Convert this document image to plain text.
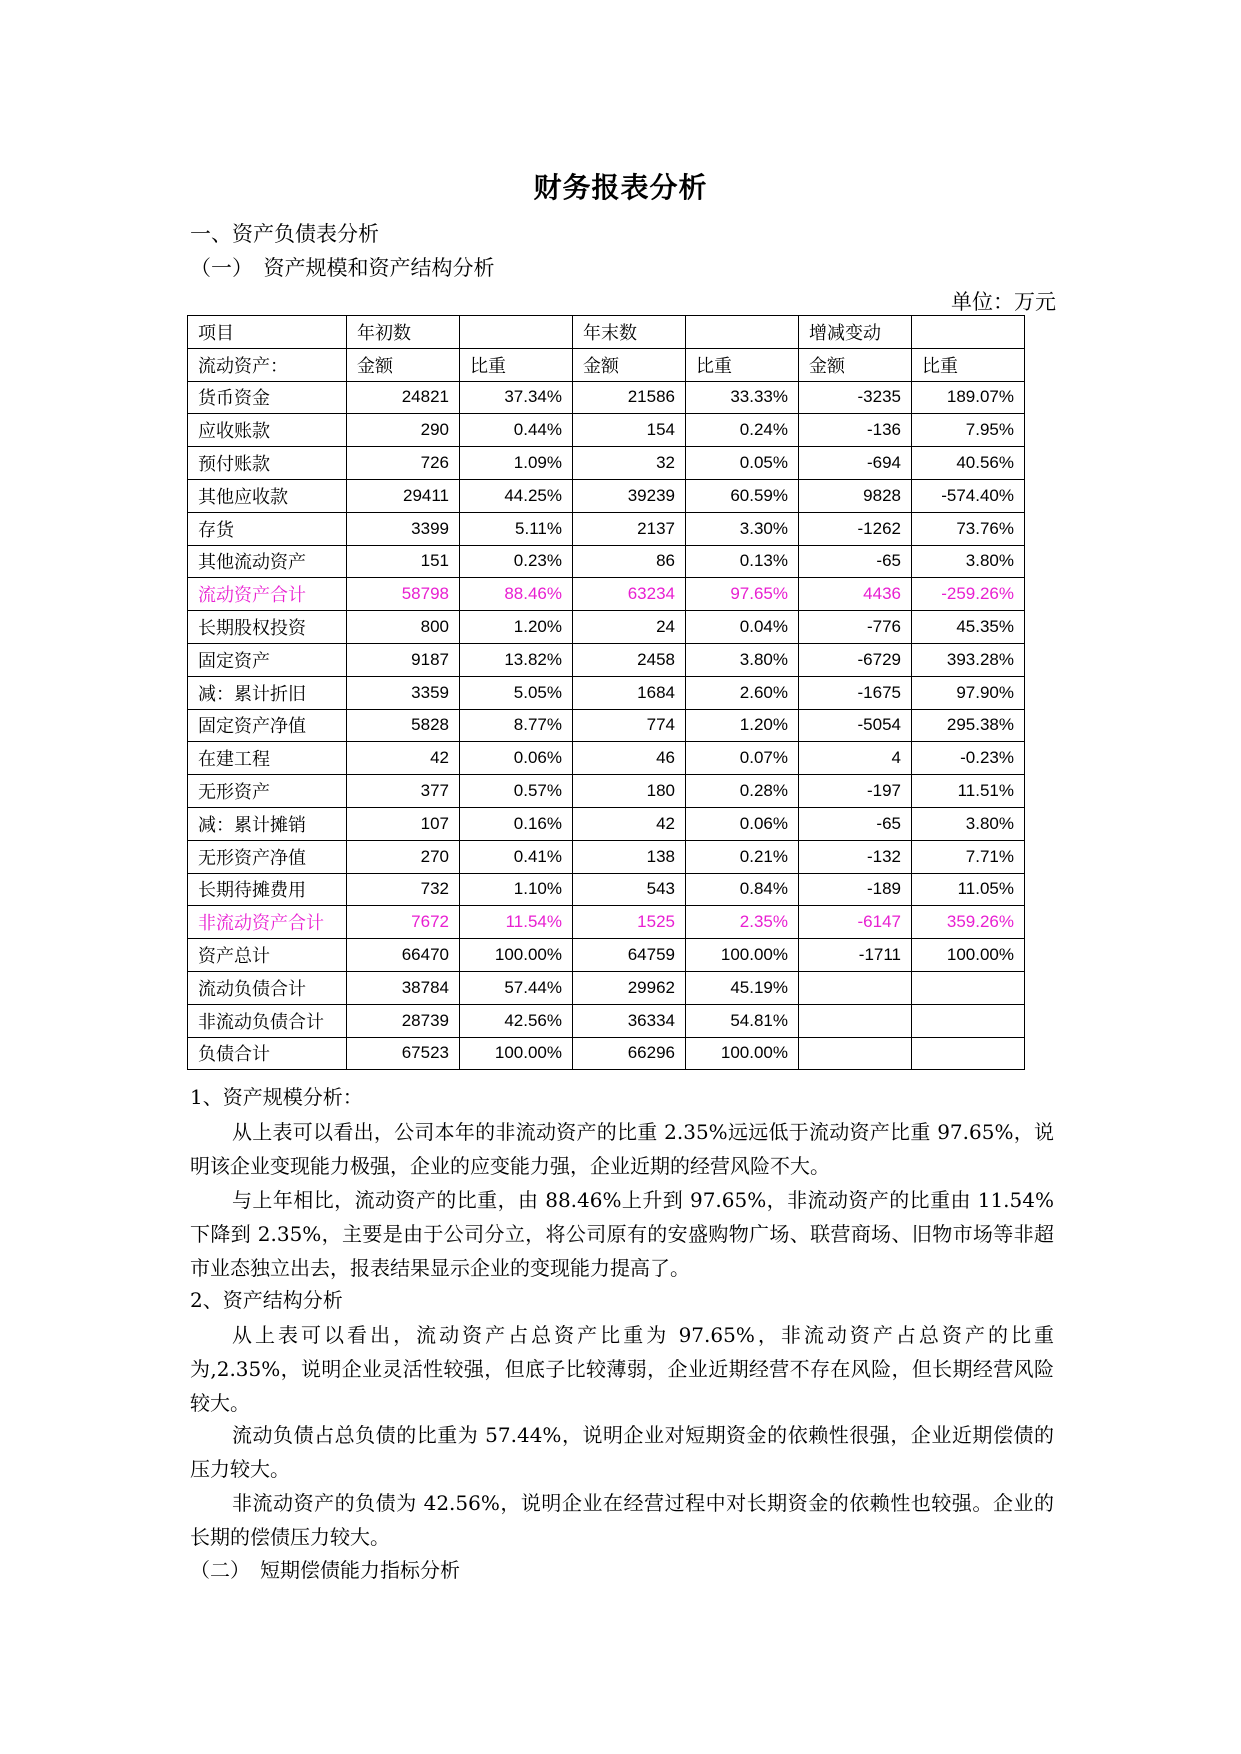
财务报表分析
一、资产负债表分析
（一）　资产规模和资产结构分析
单位：万元
项目	年初数		年末数		增减变动	
流动资产：	金额	比重	金额	比重	金额	比重
货币资金	24821	37.34%	21586	33.33%	-3235	189.07%
应收账款	290	0.44%	154	0.24%	-136	7.95%
预付账款	726	1.09%	32	0.05%	-694	40.56%
其他应收款	29411	44.25%	39239	60.59%	9828	-574.40%
存货	3399	5.11%	2137	3.30%	-1262	73.76%
其他流动资产	151	0.23%	86	0.13%	-65	3.80%
流动资产合计	58798	88.46%	63234	97.65%	4436	-259.26%
长期股权投资	800	1.20%	24	0.04%	-776	45.35%
固定资产	9187	13.82%	2458	3.80%	-6729	393.28%
减：累计折旧	3359	5.05%	1684	2.60%	-1675	97.90%
固定资产净值	5828	8.77%	774	1.20%	-5054	295.38%
在建工程	42	0.06%	46	0.07%	4	-0.23%
无形资产	377	0.57%	180	0.28%	-197	11.51%
减：累计摊销	107	0.16%	42	0.06%	-65	3.80%
无形资产净值	270	0.41%	138	0.21%	-132	7.71%
长期待摊费用	732	1.10%	543	0.84%	-189	11.05%
非流动资产合计	7672	11.54%	1525	2.35%	-6147	359.26%
资产总计	66470	100.00%	64759	100.00%	-1711	100.00%
流动负债合计	38784	57.44%	29962	45.19%		
非流动负债合计	28739	42.56%	36334	54.81%		
负债合计	67523	100.00%	66296	100.00%		
1、资产规模分析：
从上表可以看出，公司本年的非流动资产的比重 2.35%远远低于流动资产比重 97.65%，说明该企业变现能力极强，企业的应变能力强，企业近期的经营风险不大。
与上年相比，流动资产的比重，由 88.46%上升到 97.65%，非流动资产的比重由 11.54%下降到 2.35%，主要是由于公司分立，将公司原有的安盛购物广场、联营商场、旧物市场等非超市业态独立出去，报表结果显示企业的变现能力提高了。
2、资产结构分析
从上表可以看出，流动资产占总资产比重为 97.65%，非流动资产占总资产的比重为,2.35%，说明企业灵活性较强，但底子比较薄弱，企业近期经营不存在风险，但长期经营风险较大。
流动负债占总负债的比重为 57.44%，说明企业对短期资金的依赖性很强，企业近期偿债的压力较大。
非流动资产的负债为 42.56%，说明企业在经营过程中对长期资金的依赖性也较强。企业的长期的偿债压力较大。
（二）　短期偿债能力指标分析
